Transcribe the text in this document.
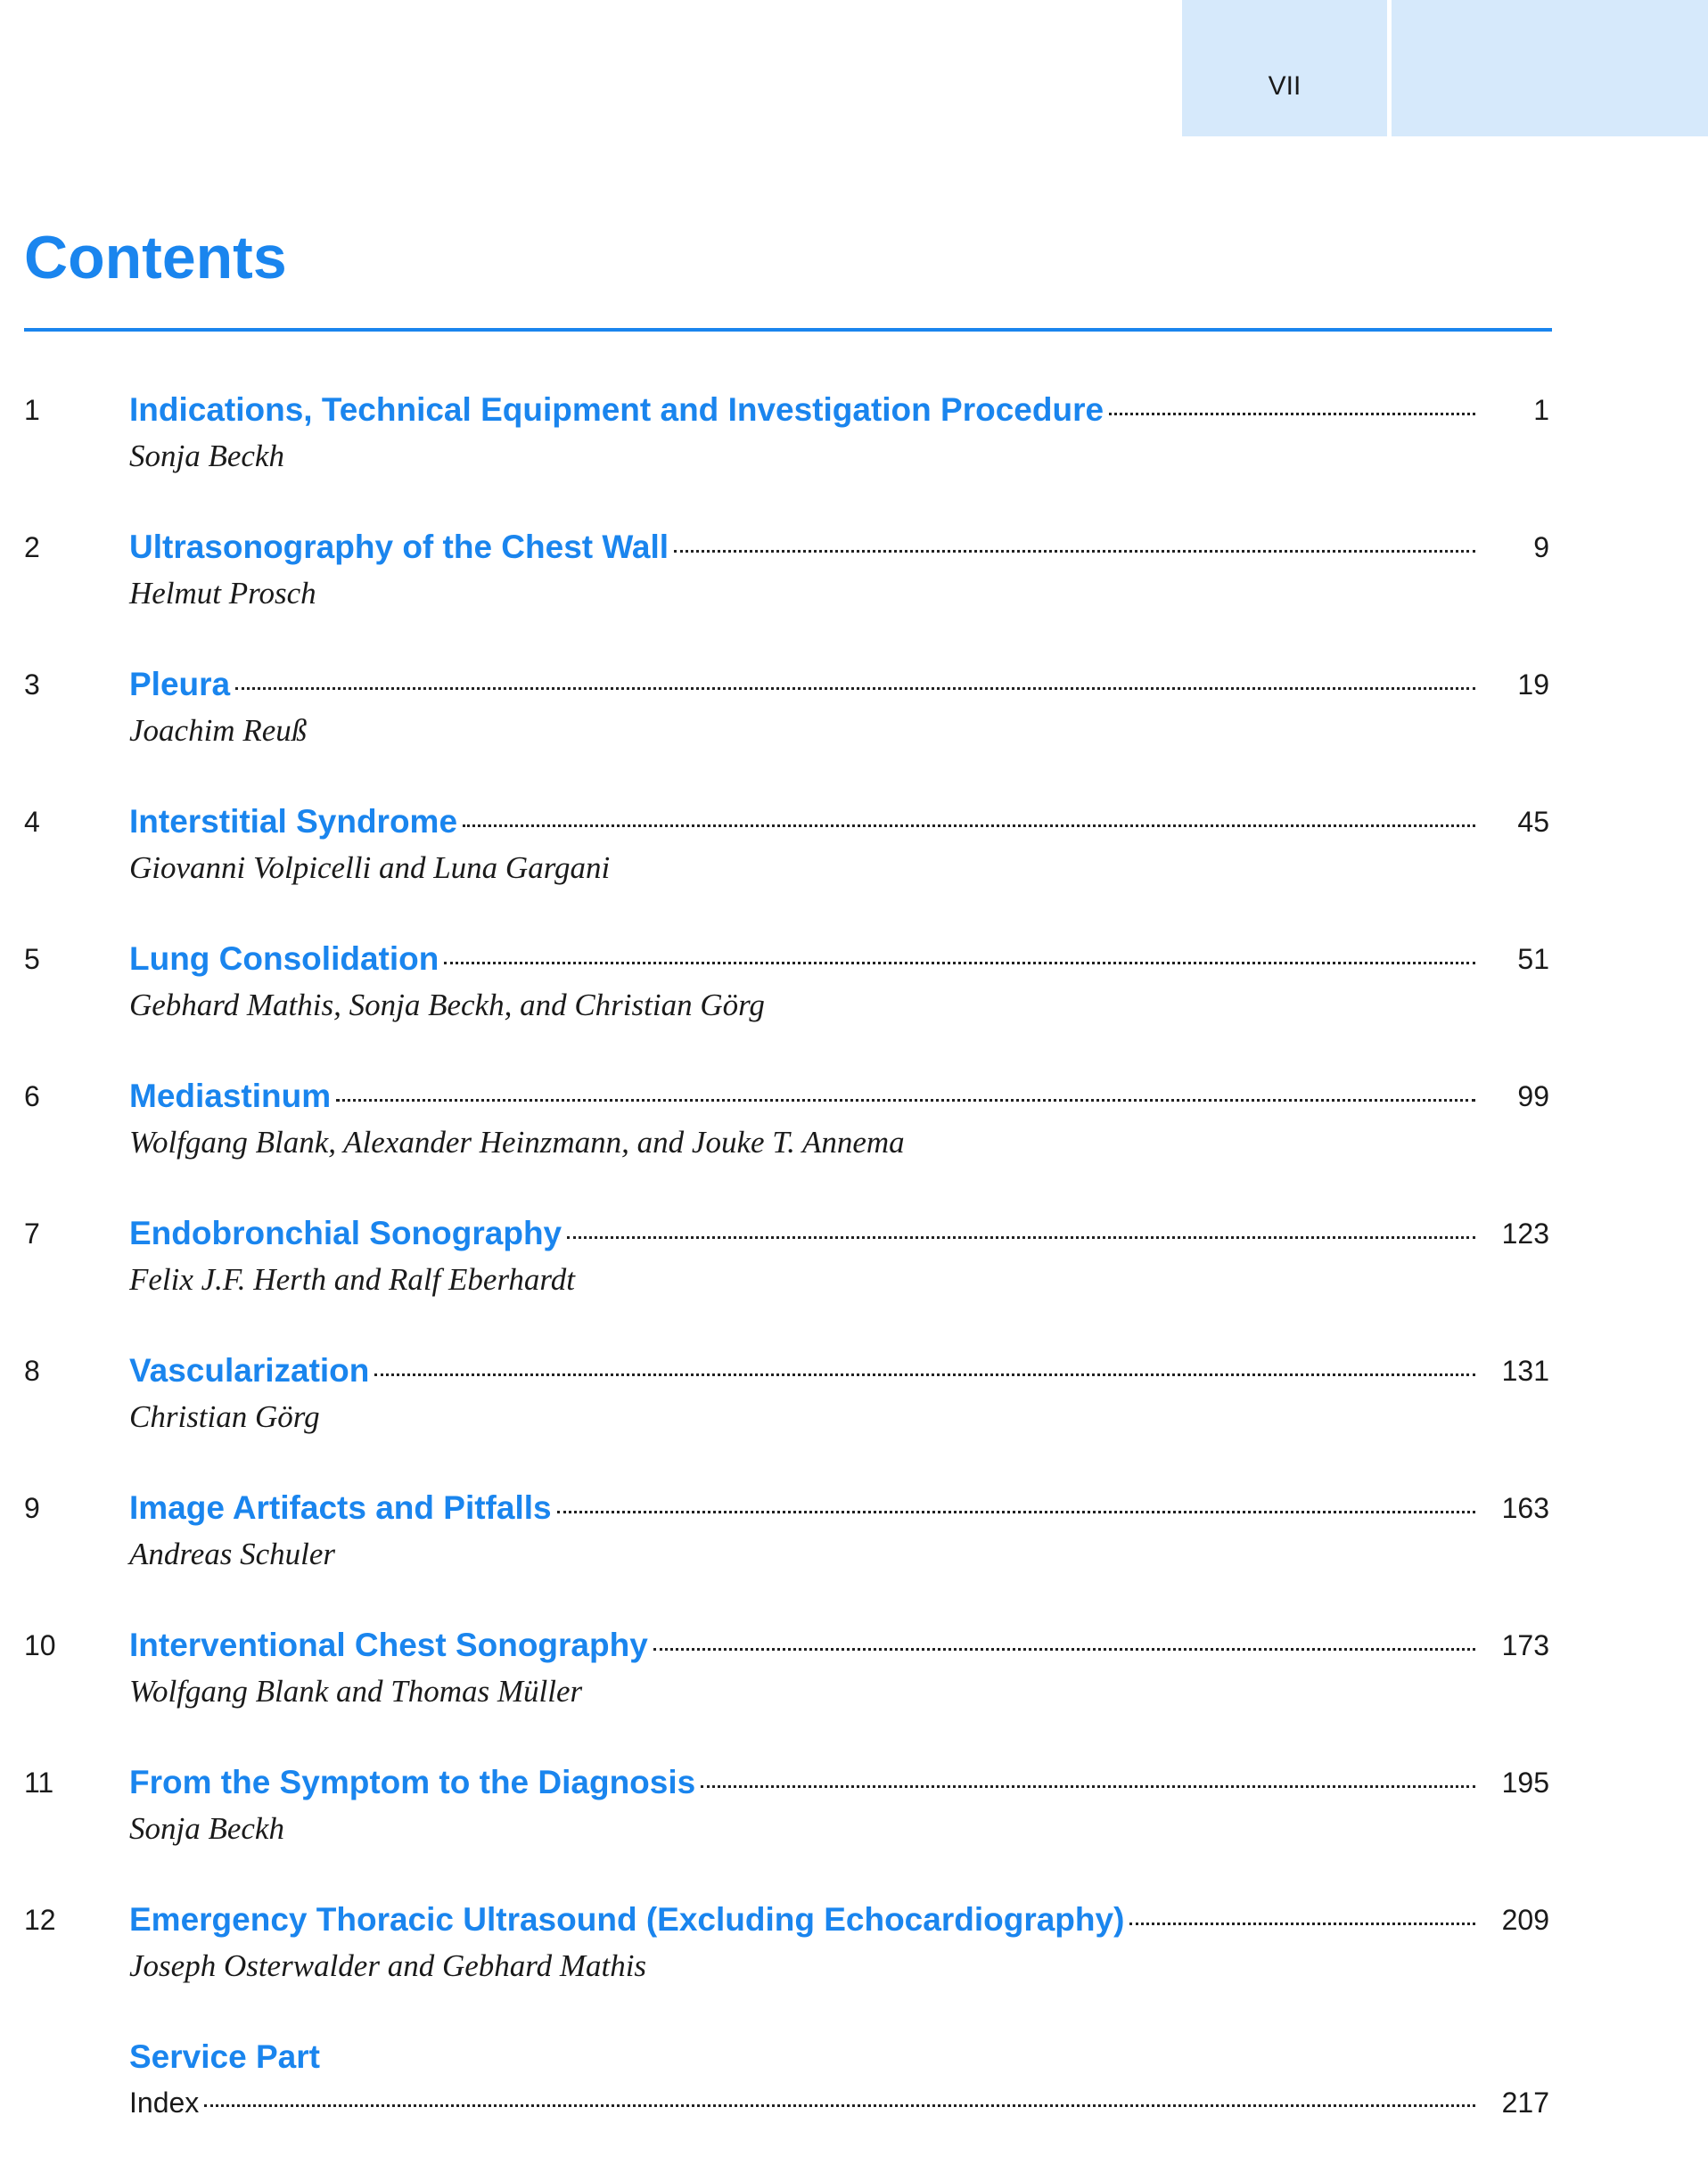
VII
Contents
1	Indications, Technical Equipment and Investigation Procedure	1
Sonja Beckh
2	Ultrasonography of the Chest Wall	9
Helmut Prosch
3	Pleura	19
Joachim Reuß
4	Interstitial Syndrome	45
Giovanni Volpicelli and Luna Gargani
5	Lung Consolidation	51
Gebhard Mathis, Sonja Beckh, and Christian Görg
6	Mediastinum	99
Wolfgang Blank, Alexander Heinzmann, and Jouke T. Annema
7	Endobronchial Sonography	123
Felix J.F. Herth and Ralf Eberhardt
8	Vascularization	131
Christian Görg
9	Image Artifacts and Pitfalls	163
Andreas Schuler
10 Interventional Chest Sonography	173
Wolfgang Blank and Thomas Müller
11 From the Symptom to the Diagnosis	195
Sonja Beckh
12 Emergency Thoracic Ultrasound (Excluding Echocardiography)	209
Joseph Osterwalder and Gebhard Mathis
Service Part
Index	217
